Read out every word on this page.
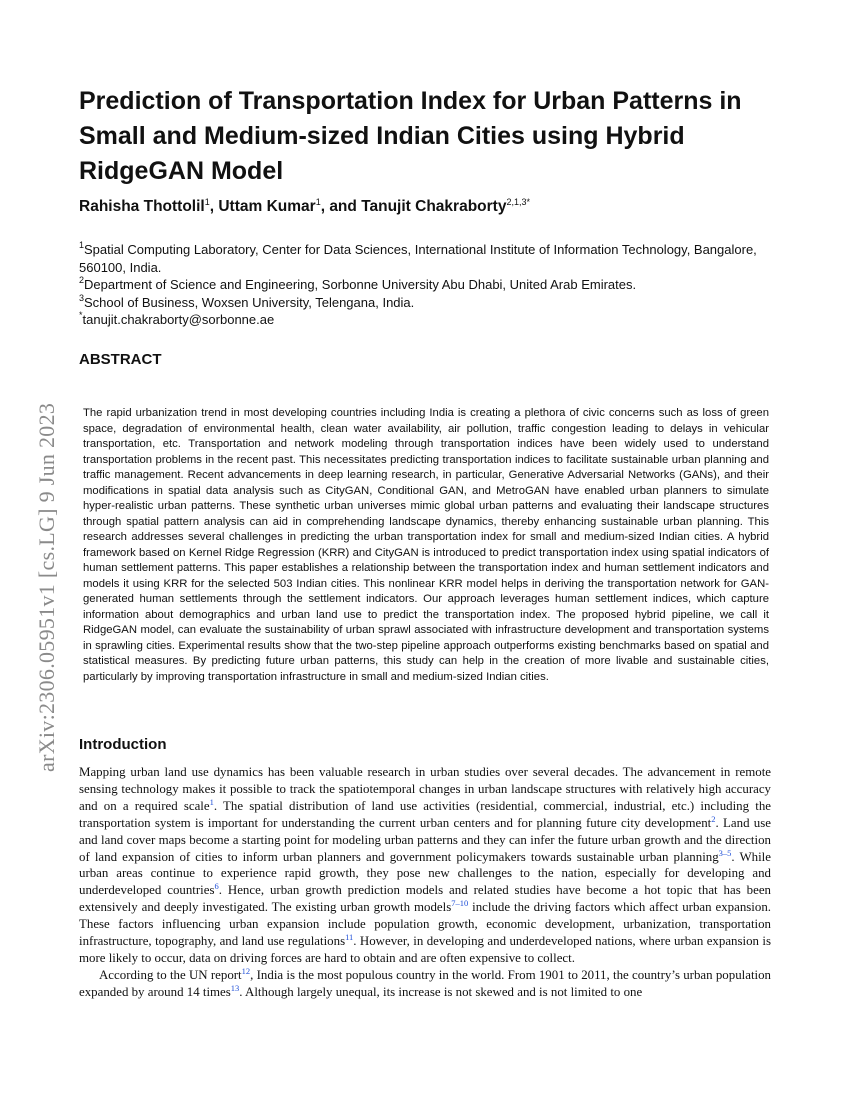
arXiv:2306.05951v1 [cs.LG] 9 Jun 2023
Prediction of Transportation Index for Urban Patterns in Small and Medium-sized Indian Cities using Hybrid RidgeGAN Model

Rahisha Thottolil$^1$, Uttam Kumar$^1$, and Tanujit Chakraborty$^{2,1,3*}$

$^1$Spatial Computing Laboratory, Center for Data Sciences, International Institute of Information Technology, Bangalore, 560100, India.

$^2$Department of Science and Engineering, Sorbonne University Abu Dhabi, United Arab Emirates.

$^3$School of Business, Woxsen University, Telengana, India.

*tanujit.chakraborty@sorbonne.ae

ABSTRACT

The rapid urbanization trend in most developing countries including India is creating a plethora of civic concerns such as loss of green space, degradation of environmental health, clean water availability, air pollution, traffic congestion leading to delays in vehicular transportation, etc. Transportation and network modeling through transportation indices have been widely used to understand transportation problems in the recent past. This necessitates predicting transportation indices to facilitate sustainable urban planning and traffic management. Recent advancements in deep learning research, in particular, Generative Adversarial Networks (GANs), and their modifications in spatial data analysis such as CityGAN, Conditional GAN, and MetroGAN have enabled urban planners to simulate hyper-realistic urban patterns. These synthetic urban universes mimic global urban patterns and evaluating their landscape structures through spatial pattern analysis can aid in comprehending landscape dynamics, thereby enhancing sustainable urban planning. This research addresses several challenges in predicting the urban transportation index for small and medium-sized Indian cities. A hybrid framework based on Kernel Ridge Regression (KRR) and CityGAN is introduced to predict transportation index using spatial indicators of human settlement patterns. This paper establishes a relationship between the transportation index and human settlement indicators and models it using KRR for the selected 503 Indian cities. This nonlinear KRR model helps in deriving the transportation network for GAN-generated human settlements through the settlement indicators. Our approach leverages human settlement indices, which capture information about demographics and urban land use to predict the transportation index. The proposed hybrid pipeline, we call it RidgeGAN model, can evaluate the sustainability of urban sprawl associated with infrastructure development and transportation systems in sprawling cities. Experimental results show that the two-step pipeline approach outperforms existing benchmarks based on spatial and statistical measures. By predicting future urban patterns, this study can help in the creation of more livable and sustainable cities, particularly by improving transportation infrastructure in small and medium-sized Indian cities.

Introduction

Mapping urban land use dynamics has been valuable research in urban studies over several decades. The advancement in remote sensing technology makes it possible to track the spatiotemporal changes in urban landscape structures with relatively high accuracy and on a required scale$^1$. The spatial distribution of land use activities (residential, commercial, industrial, etc.) including the transportation system is important for understanding the current urban centers and for planning future city development$^2$. Land use and land cover maps become a starting point for modeling urban patterns and they can infer the future urban growth and the direction of land expansion of cities to inform urban planners and government policymakers towards sustainable urban planning$^{3-5}$. While urban areas continue to experience rapid growth, they pose new challenges to the nation, especially for developing and underdeveloped countries$^6$. Hence, urban growth prediction models and related studies have become a hot topic that has been extensively and deeply investigated. The existing urban growth models$^{7-10}$ include the driving factors which affect urban expansion. These factors influencing urban expansion include population growth, economic development, urbanization, transportation infrastructure, topography, and land use regulations$^{11}$. However, in developing and underdeveloped nations, where urban expansion is more likely to occur, data on driving forces are hard to obtain and are often expensive to collect.

According to the UN report$^{12}$, India is the most populous country in the world. From 1901 to 2011, the country’s urban population expanded by around 14 times$^{13}$. Although largely unequal, its increase is not skewed and is not limited to one
